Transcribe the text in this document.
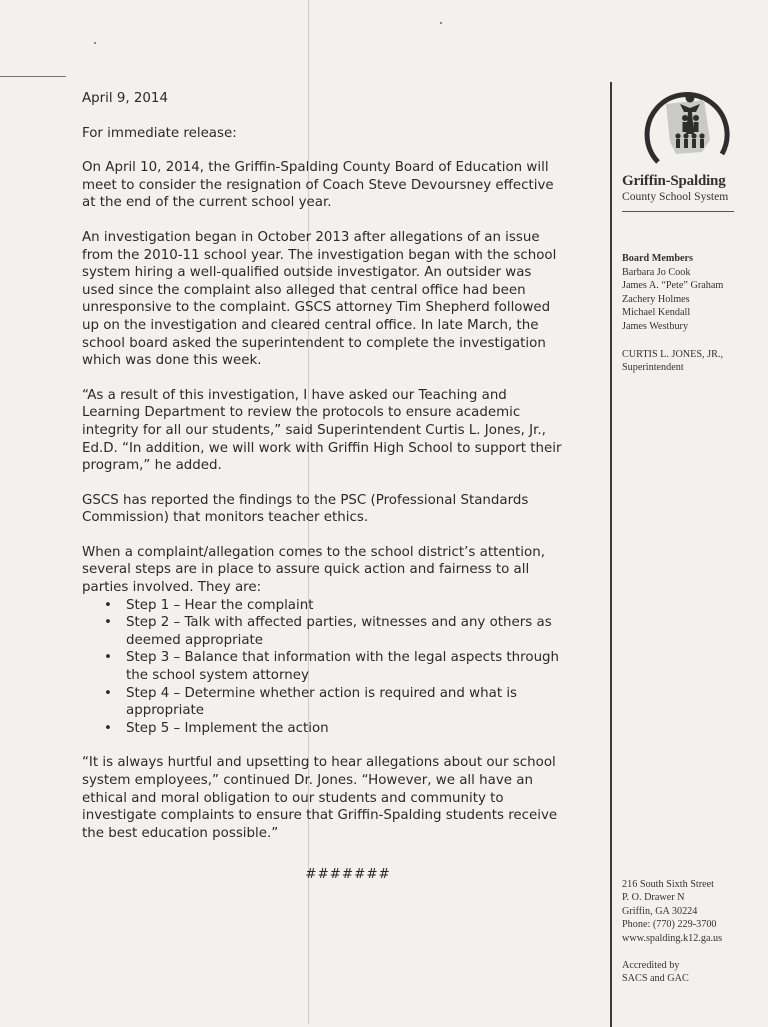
April 9, 2014

For immediate release:

On April 10, 2014, the Griffin-Spalding County Board of Education will meet to consider the resignation of Coach Steve Devoursney effective at the end of the current school year.

An investigation began in October 2013 after allegations of an issue from the 2010-11 school year. The investigation began with the school system hiring a well-qualified outside investigator. An outsider was used since the complaint also alleged that central office had been unresponsive to the complaint. GSCS attorney Tim Shepherd followed up on the investigation and cleared central office. In late March, the school board asked the superintendent to complete the investigation which was done this week.

“As a result of this investigation, I have asked our Teaching and Learning Department to review the protocols to ensure academic integrity for all our students,” said Superintendent Curtis L. Jones, Jr., Ed.D. “In addition, we will work with Griffin High School to support their program,” he added.

GSCS has reported the findings to the PSC (Professional Standards Commission) that monitors teacher ethics.

When a complaint/allegation comes to the school district’s attention, several steps are in place to assure quick action and fairness to all parties involved. They are:

• Step 1 – Hear the complaint
• Step 2 – Talk with affected parties, witnesses and any others as deemed appropriate
• Step 3 – Balance that information with the legal aspects through the school system attorney
• Step 4 – Determine whether action is required and what is appropriate
• Step 5 – Implement the action

“It is always hurtful and upsetting to hear allegations about our school system employees,” continued Dr. Jones. “However, we all have an ethical and moral obligation to our students and community to investigate complaints to ensure that Griffin-Spalding students receive the best education possible.”

#######
Griffin-Spalding
County School System
Board Members
Barbara Jo Cook
James A. “Pete” Graham
Zachery Holmes
Michael Kendall
James Westbury
CURTIS L. JONES, JR.,
Superintendent
216 South Sixth Street
P. O. Drawer N
Griffin, GA 30224
Phone: (770) 229-3700
www.spalding.k12.ga.us
Accredited by
SACS and GAC
